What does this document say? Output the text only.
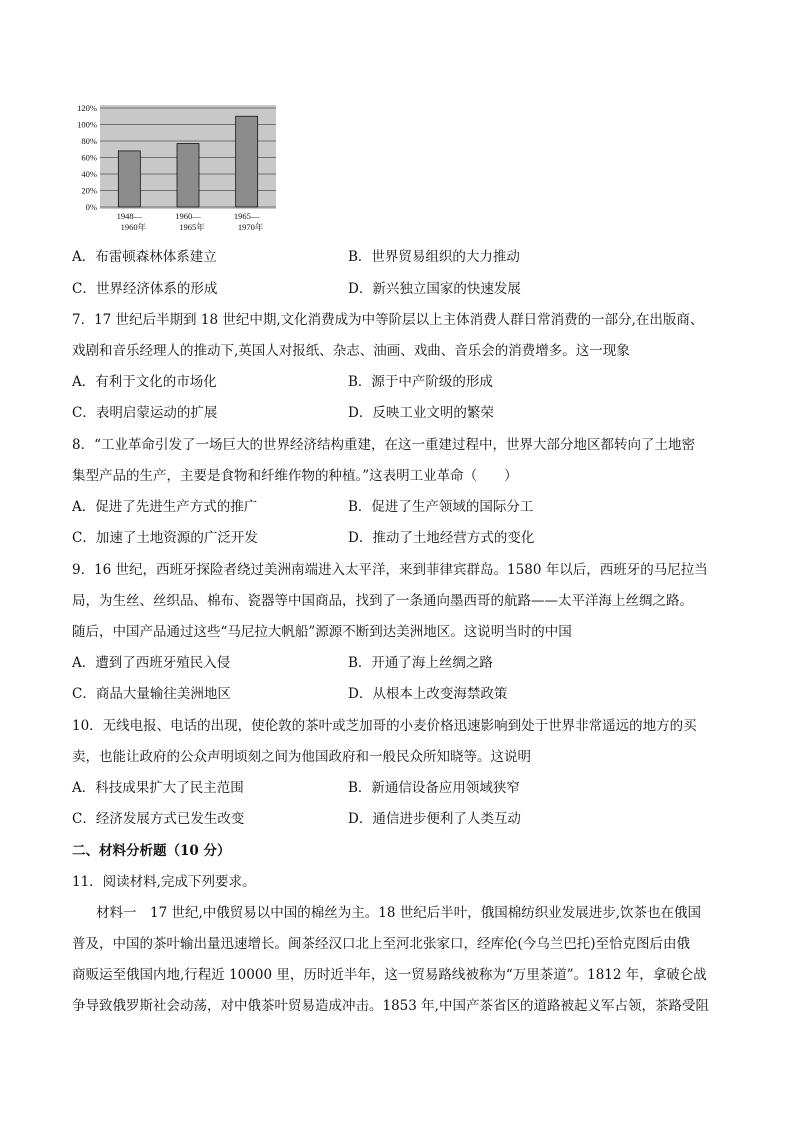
120%
100%
80%
60%
40%
20%
0%
1948—
1960年
1960—
1965年
1965—
1970年
A．布雷顿森林体系建立	B．世界贸易组织的大力推动
C．世界经济体系的形成	D．新兴独立国家的快速发展
7．17 世纪后半期到 18 世纪中期,文化消费成为中等阶层以上主体消费人群日常消费的一部分,在出版商、
戏剧和音乐经理人的推动下,英国人对报纸、杂志、油画、戏曲、音乐会的消费增多。这一现象
A．有利于文化的市场化	B．源于中产阶级的形成
C．表明启蒙运动的扩展	D．反映工业文明的繁荣
8．“工业革命引发了一场巨大的世界经济结构重建，在这一重建过程中，世界大部分地区都转向了土地密
集型产品的生产，主要是食物和纤维作物的种植。”这表明工业革命（　　）
A．促进了先进生产方式的推广	B．促进了生产领域的国际分工
C．加速了土地资源的广泛开发	D．推动了土地经营方式的变化
9．16 世纪，西班牙探险者绕过美洲南端进入太平洋，来到菲律宾群岛。1580 年以后，西班牙的马尼拉当
局，为生丝、丝织品、棉布、瓷器等中国商品，找到了一条通向墨西哥的航路——太平洋海上丝绸之路。
随后，中国产品通过这些“马尼拉大帆船”源源不断到达美洲地区。这说明当时的中国
A．遭到了西班牙殖民入侵	B．开通了海上丝绸之路
C．商品大量输往美洲地区	D．从根本上改变海禁政策
10．无线电报、电话的出现，使伦敦的茶叶或芝加哥的小麦价格迅速影响到处于世界非常遥远的地方的买
卖，也能让政府的公众声明顷刻之间为他国政府和一般民众所知晓等。这说明
A．科技成果扩大了民主范围	B．新通信设备应用领域狭窄
C．经济发展方式已发生改变	D．通信进步便利了人类互动
二、材料分析题（10 分）
11．阅读材料,完成下列要求。
材料一　17 世纪,中俄贸易以中国的棉丝为主。18 世纪后半叶，俄国棉纺织业发展进步,饮茶也在俄国
普及，中国的茶叶输出量迅速增长。闽茶经汉口北上至河北张家口，经库伦(今乌兰巴托)至恰克图后由俄
商贩运至俄国内地,行程近 10000 里，历时近半年，这一贸易路线被称为“万里茶道”。1812 年，拿破仑战
争导致俄罗斯社会动荡，对中俄茶叶贸易造成冲击。1853 年,中国产茶省区的道路被起义军占领，茶路受阻
